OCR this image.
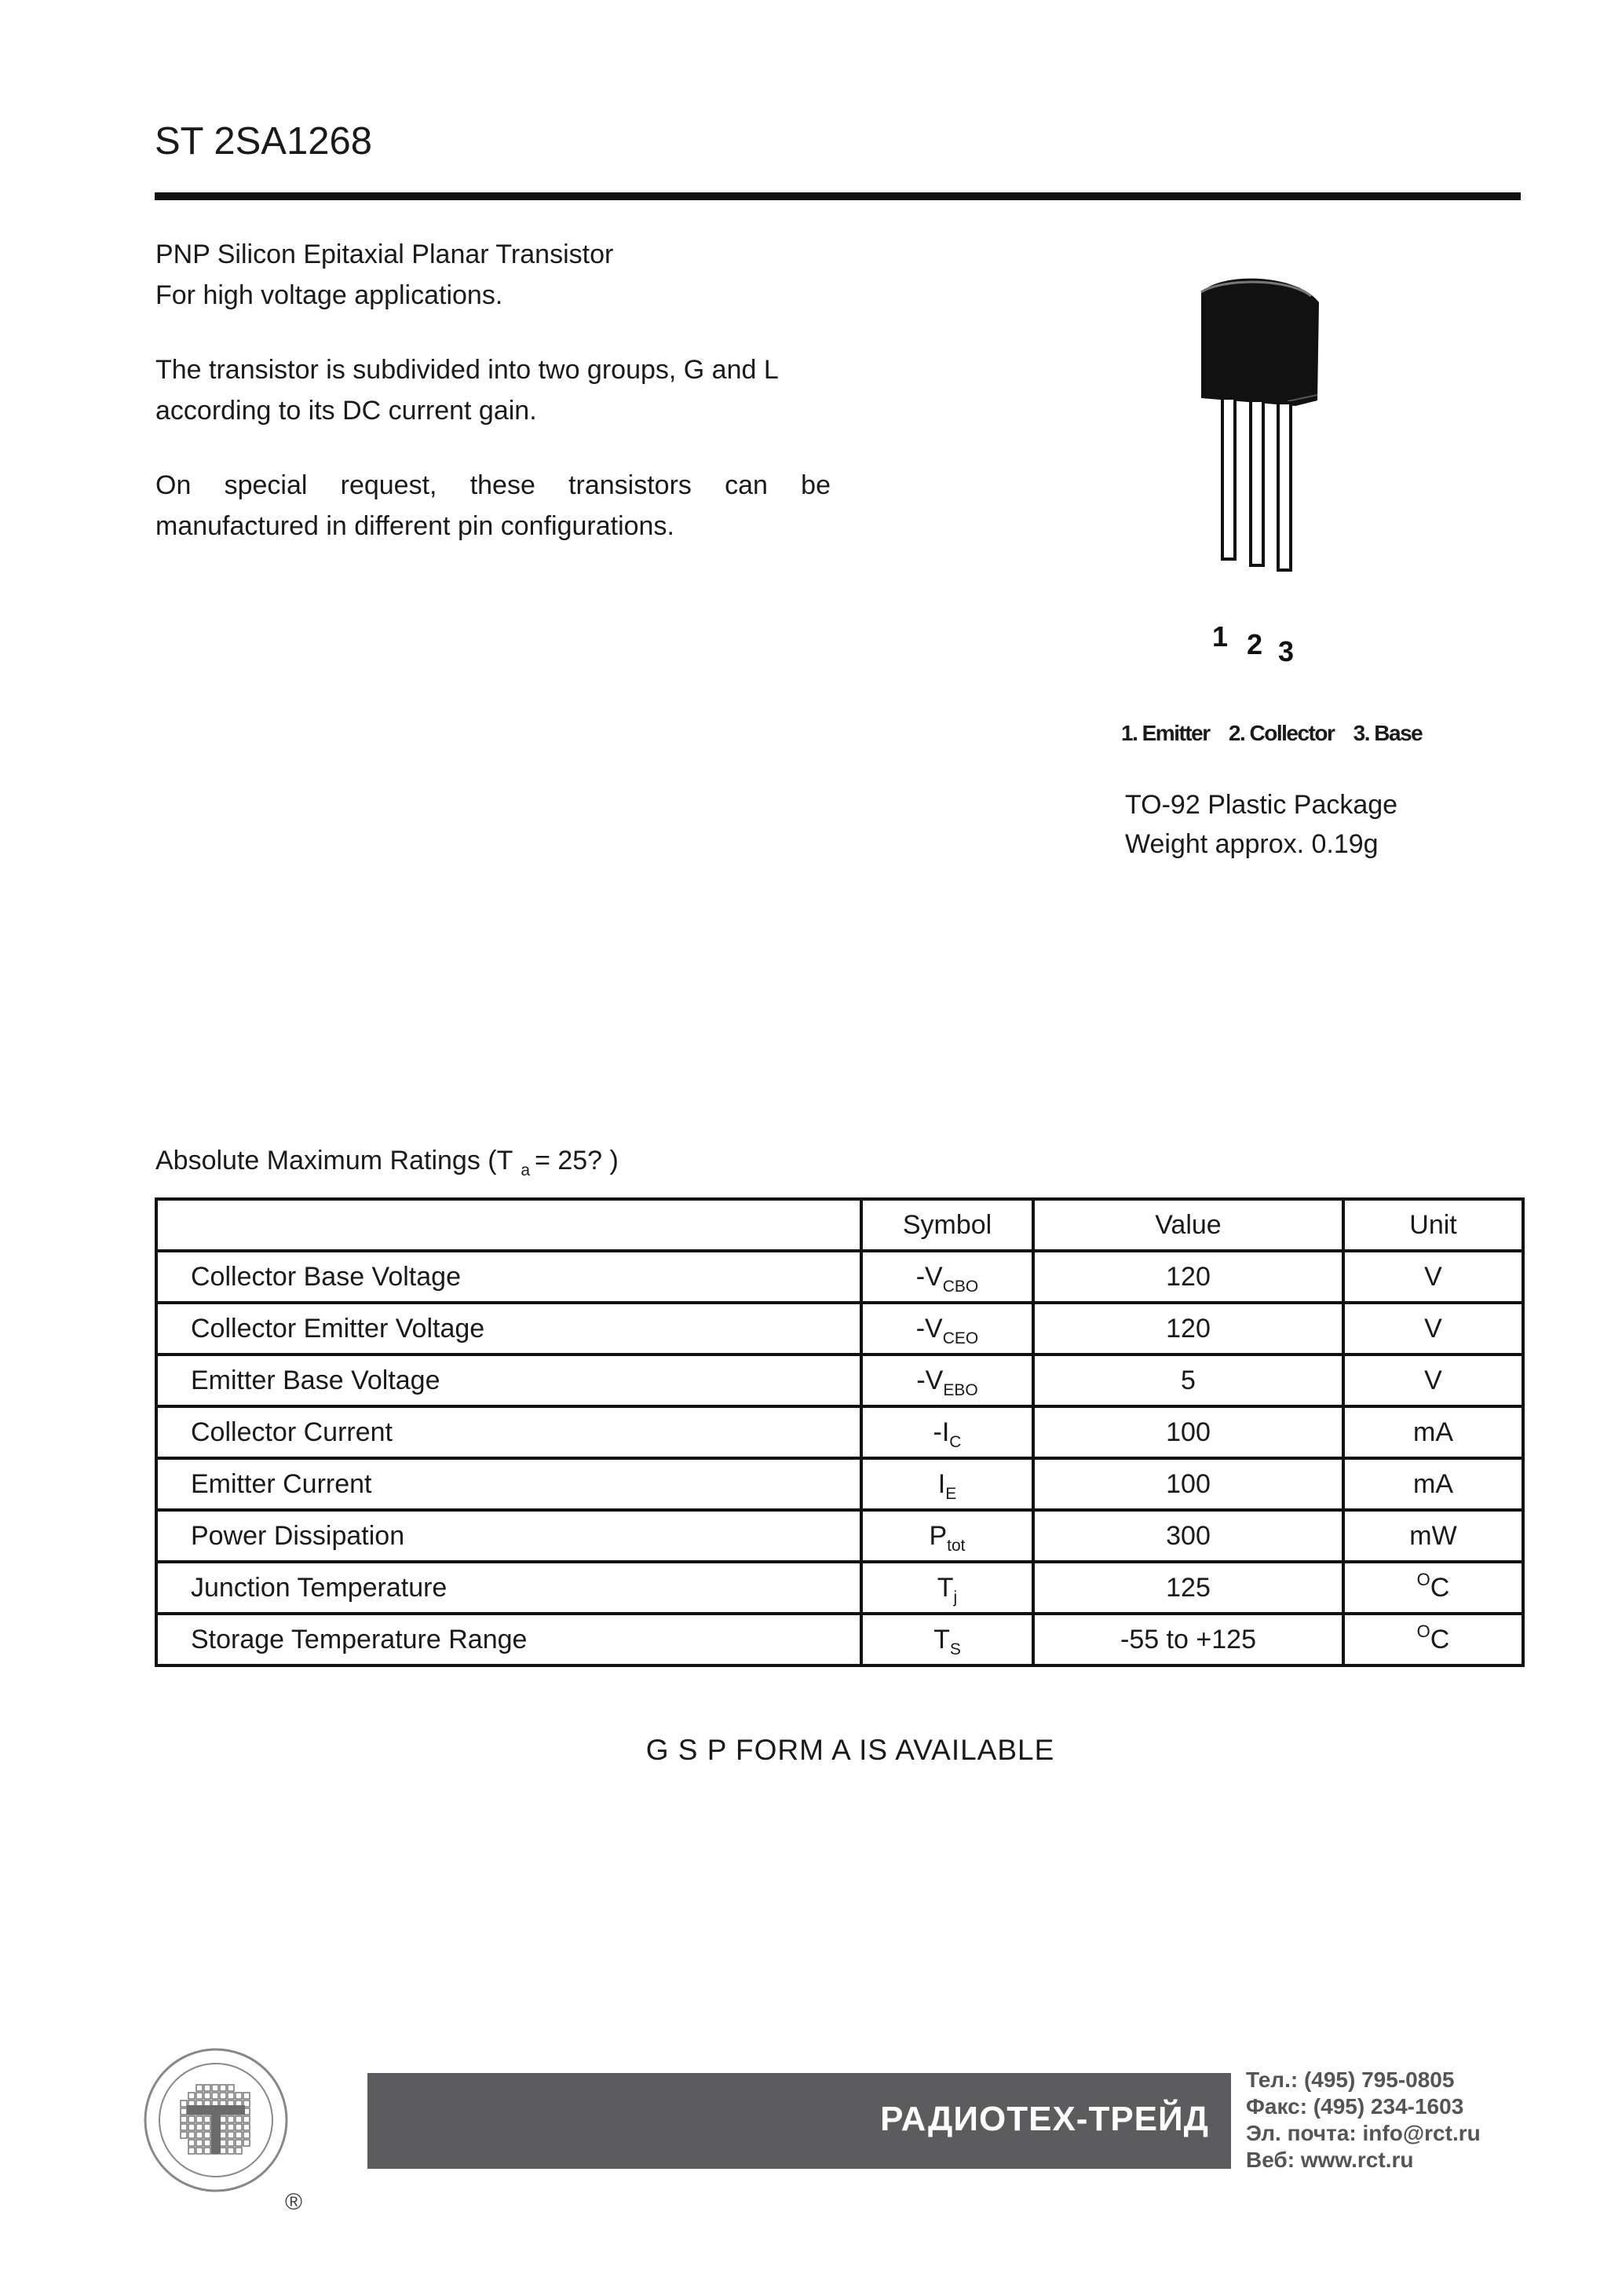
ST 2SA1268
PNP Silicon Epitaxial Planar Transistor
For high voltage applications.
The transistor is subdivided into two groups, G and L
according to its DC current gain.
On special request, these transistors can be manufactured in different pin configurations.
1 2 3
1. Emitter 2. Collector 3. Base
TO-92 Plastic Package
Weight approx. 0.19g
Absolute Maximum Ratings (T $_a$ = 25? )
	Symbol	Value	Unit
Collector Base Voltage	$-V_{CBO}$	120	V
Collector Emitter Voltage	$-V_{CEO}$	120	V
Emitter Base Voltage	$-V_{EBO}$	5	V
Collector Current	$-I_C$	100	mA
Emitter Current	$I_E$	100	mA
Power Dissipation	$P_{tot}$	300	mW
Junction Temperature	$T_j$	125	$^O$C
Storage Temperature Range	$T_S$	-55 to +125	$^O$C
G S P FORM A IS AVAILABLE
®
РАДИОТЕХ-ТРЕЙД
Тел.: (495) 795-0805
Факс: (495) 234-1603
Эл. почта: info@rct.ru
Веб: www.rct.ru
